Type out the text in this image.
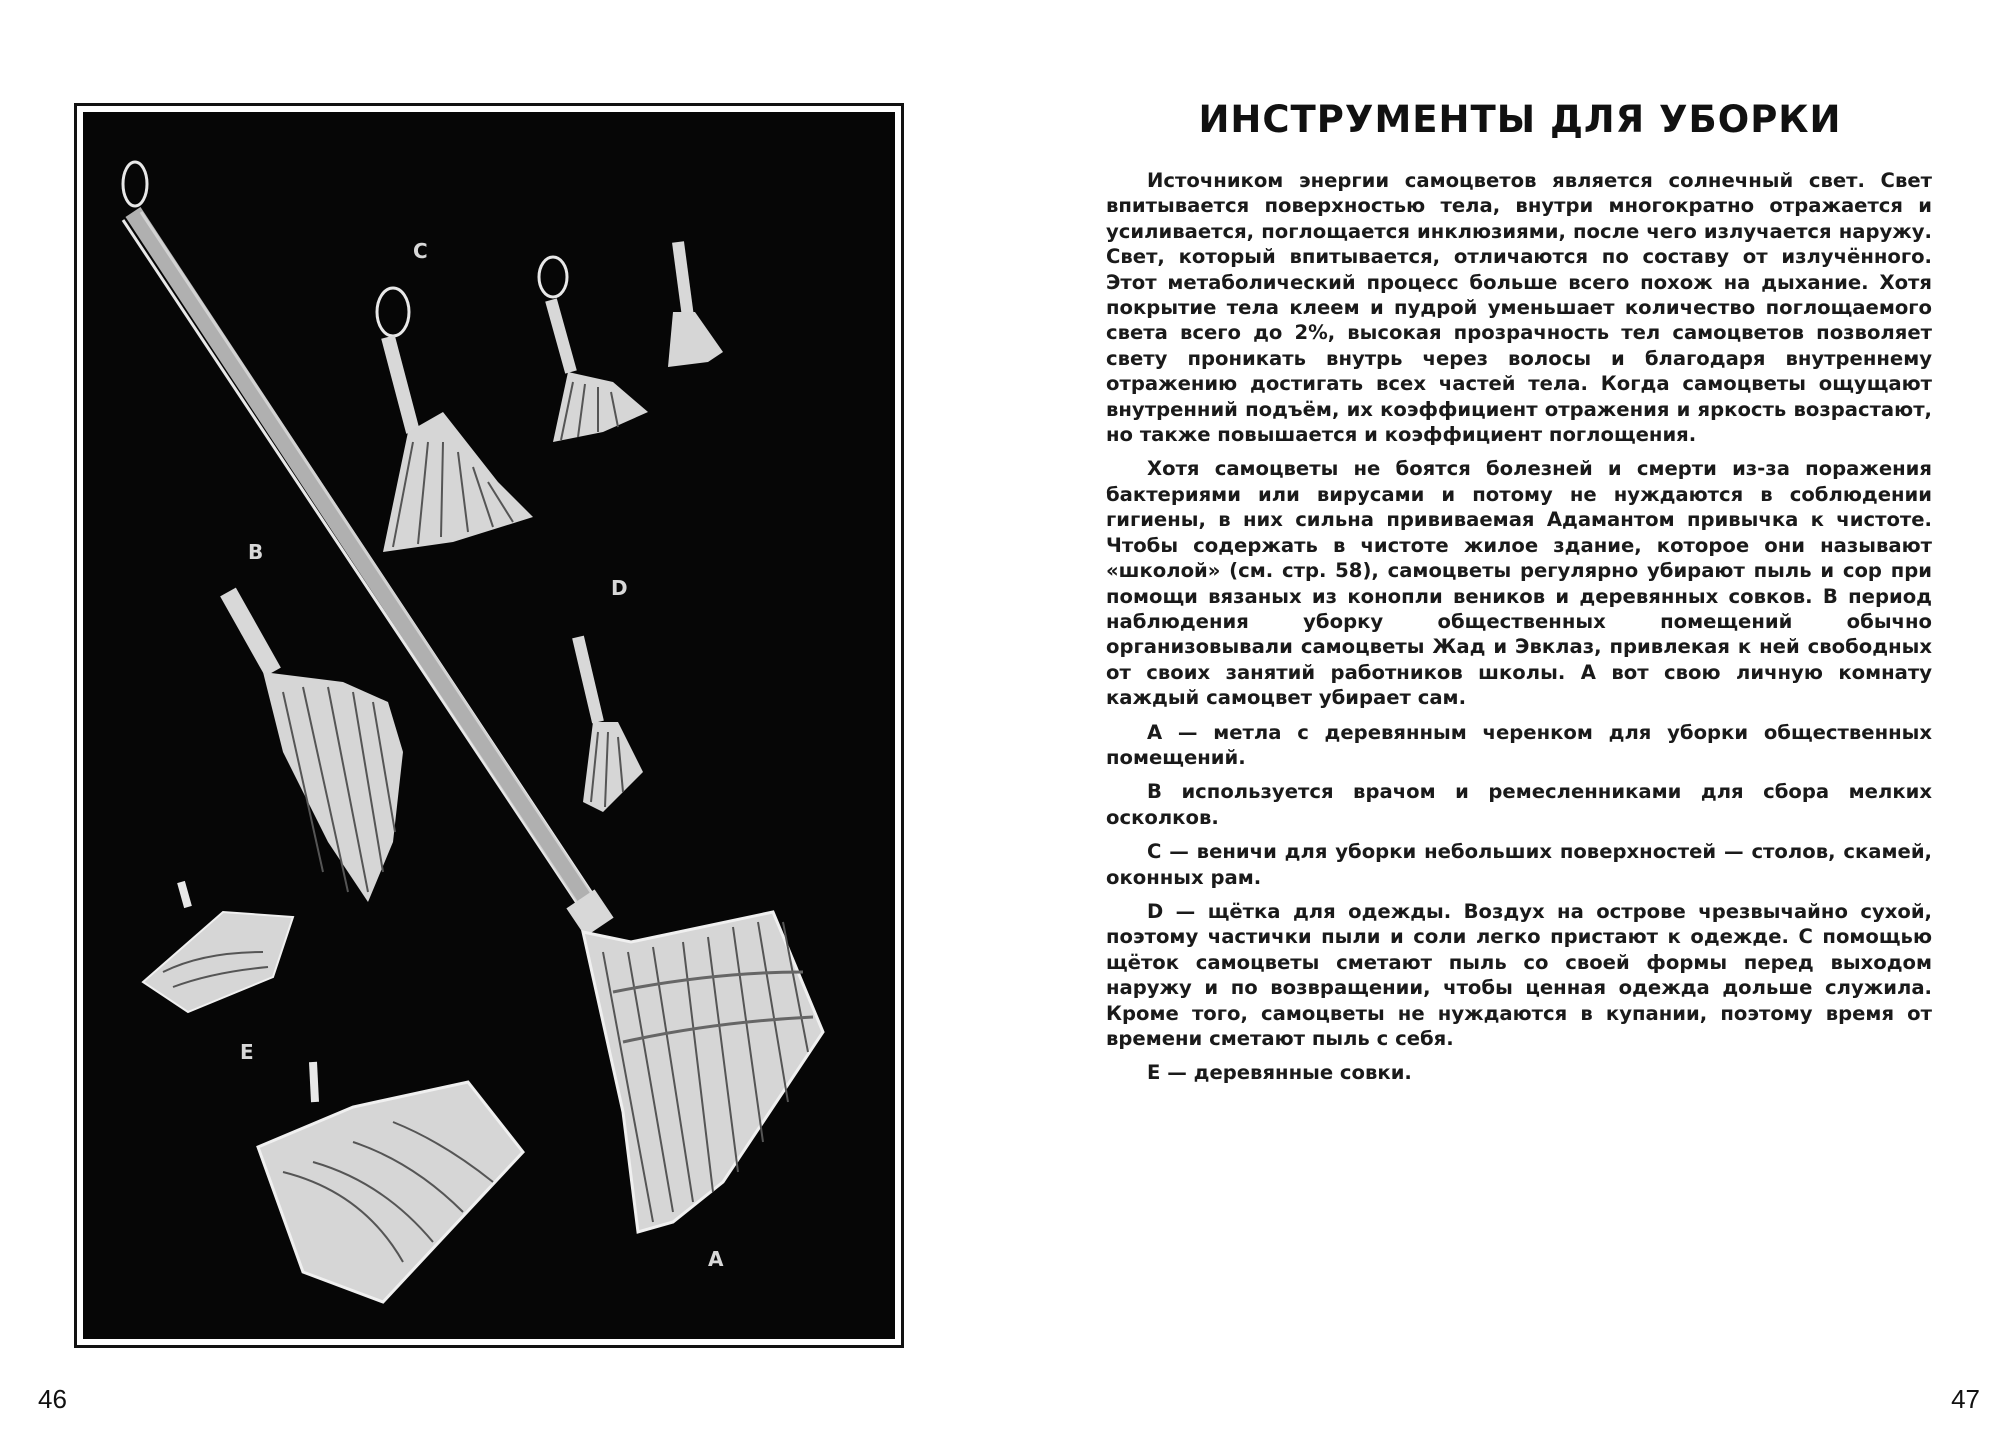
C
B
D
E
A
46
ИНСТРУМЕНТЫ ДЛЯ УБОРКИ

Источником энергии самоцветов является солнечный свет. Свет впитывается поверхностью тела, внутри многократно отражается и усиливается, поглощается инклюзиями, после чего излучается наружу. Свет, который впитывается, отличаются по составу от излучённого. Этот метаболический процесс больше всего похож на дыхание. Хотя покрытие тела клеем и пудрой уменьшает количество поглощаемого света всего до 2%, высокая прозрачность тел самоцветов позволяет свету проникать внутрь через волосы и благодаря внутреннему отражению достигать всех частей тела. Когда самоцветы ощущают внутренний подъём, их коэффициент отражения и яркость возрастают, но также повышается и коэффициент поглощения.

Хотя самоцветы не боятся болезней и смерти из-за поражения бактериями или вирусами и потому не нуждаются в соблюдении гигиены, в них сильна прививаемая Адамантом привычка к чистоте. Чтобы содержать в чистоте жилое здание, которое они называют «школой» (см. стр. 58), самоцветы регулярно убирают пыль и сор при помощи вязаных из конопли веников и деревянных совков. В период наблюдения уборку общественных помещений обычно организовывали самоцветы Жад и Эвклаз, привлекая к ней свободных от своих занятий работников школы. А вот свою личную комнату каждый самоцвет убирает сам.

А — метла с деревянным черенком для уборки общественных помещений.

В используется врачом и ремесленниками для сбора мелких осколков.

С — веничи для уборки небольших поверхностей — столов, скамей, оконных рам.

D — щётка для одежды. Воздух на острове чрезвычайно сухой, поэтому частички пыли и соли легко пристают к одежде. С помощью щёток самоцветы сметают пыль со своей формы перед выходом наружу и по возвращении, чтобы ценная одежда дольше служила. Кроме того, самоцветы не нуждаются в купании, поэтому время от времени сметают пыль с себя.

Е — деревянные совки.

47
